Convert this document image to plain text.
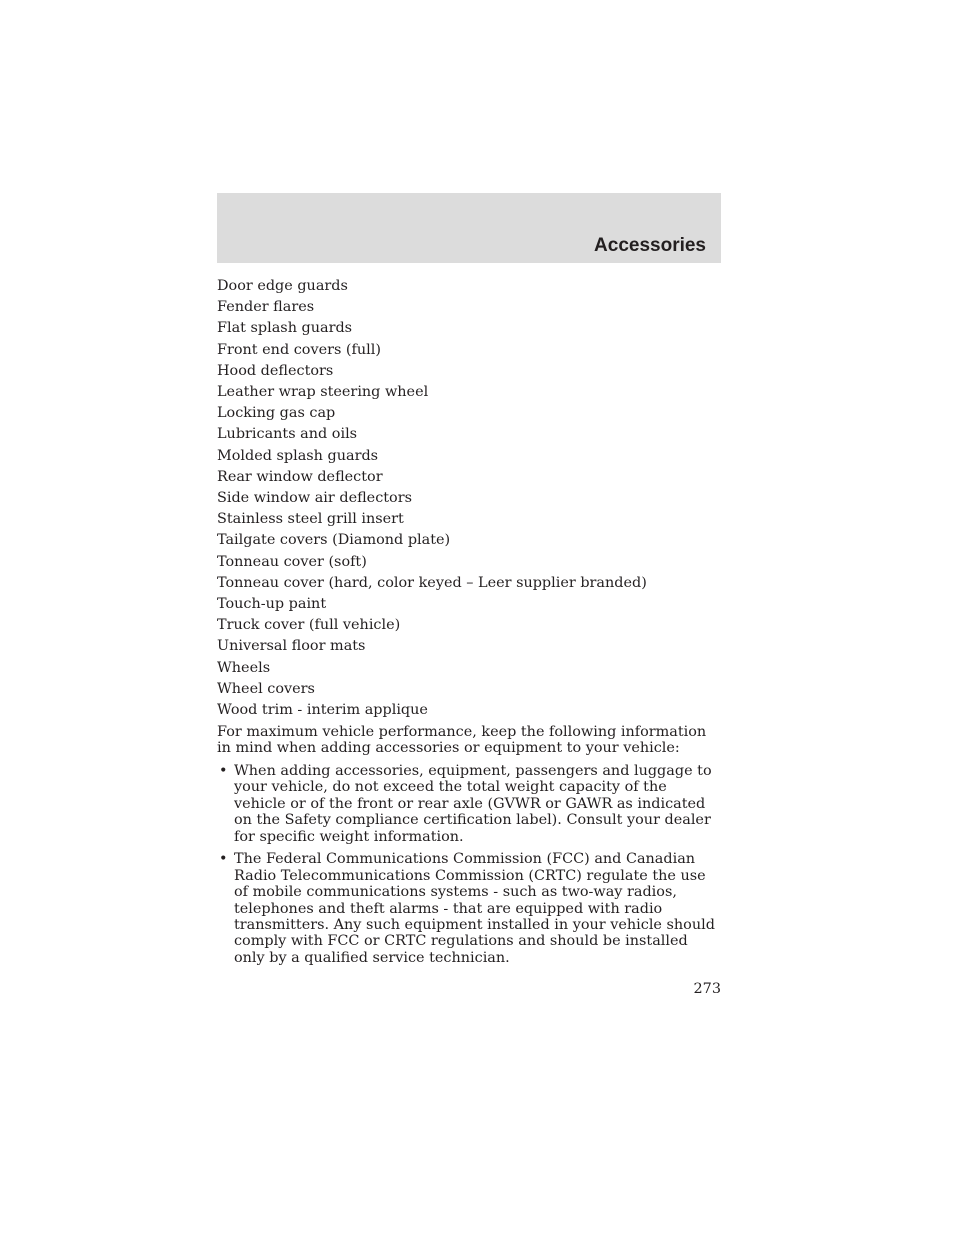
Accessories
Door edge guards
Fender flares
Flat splash guards
Front end covers (full)
Hood deflectors
Leather wrap steering wheel
Locking gas cap
Lubricants and oils
Molded splash guards
Rear window deflector
Side window air deflectors
Stainless steel grill insert
Tailgate covers (Diamond plate)
Tonneau cover (soft)
Tonneau cover (hard, color keyed – Leer supplier branded)
Touch-up paint
Truck cover (full vehicle)
Universal floor mats
Wheels
Wheel covers
Wood trim - interim applique

For maximum vehicle performance, keep the following information in mind when adding accessories or equipment to your vehicle:

• When adding accessories, equipment, passengers and luggage to your vehicle, do not exceed the total weight capacity of the vehicle or of the front or rear axle (GVWR or GAWR as indicated on the Safety compliance certification label). Consult your dealer for specific weight information.
• The Federal Communications Commission (FCC) and Canadian Radio Telecommunications Commission (CRTC) regulate the use of mobile communications systems - such as two-way radios, telephones and theft alarms - that are equipped with radio transmitters. Any such equipment installed in your vehicle should comply with FCC or CRTC regulations and should be installed only by a qualified service technician.
273
